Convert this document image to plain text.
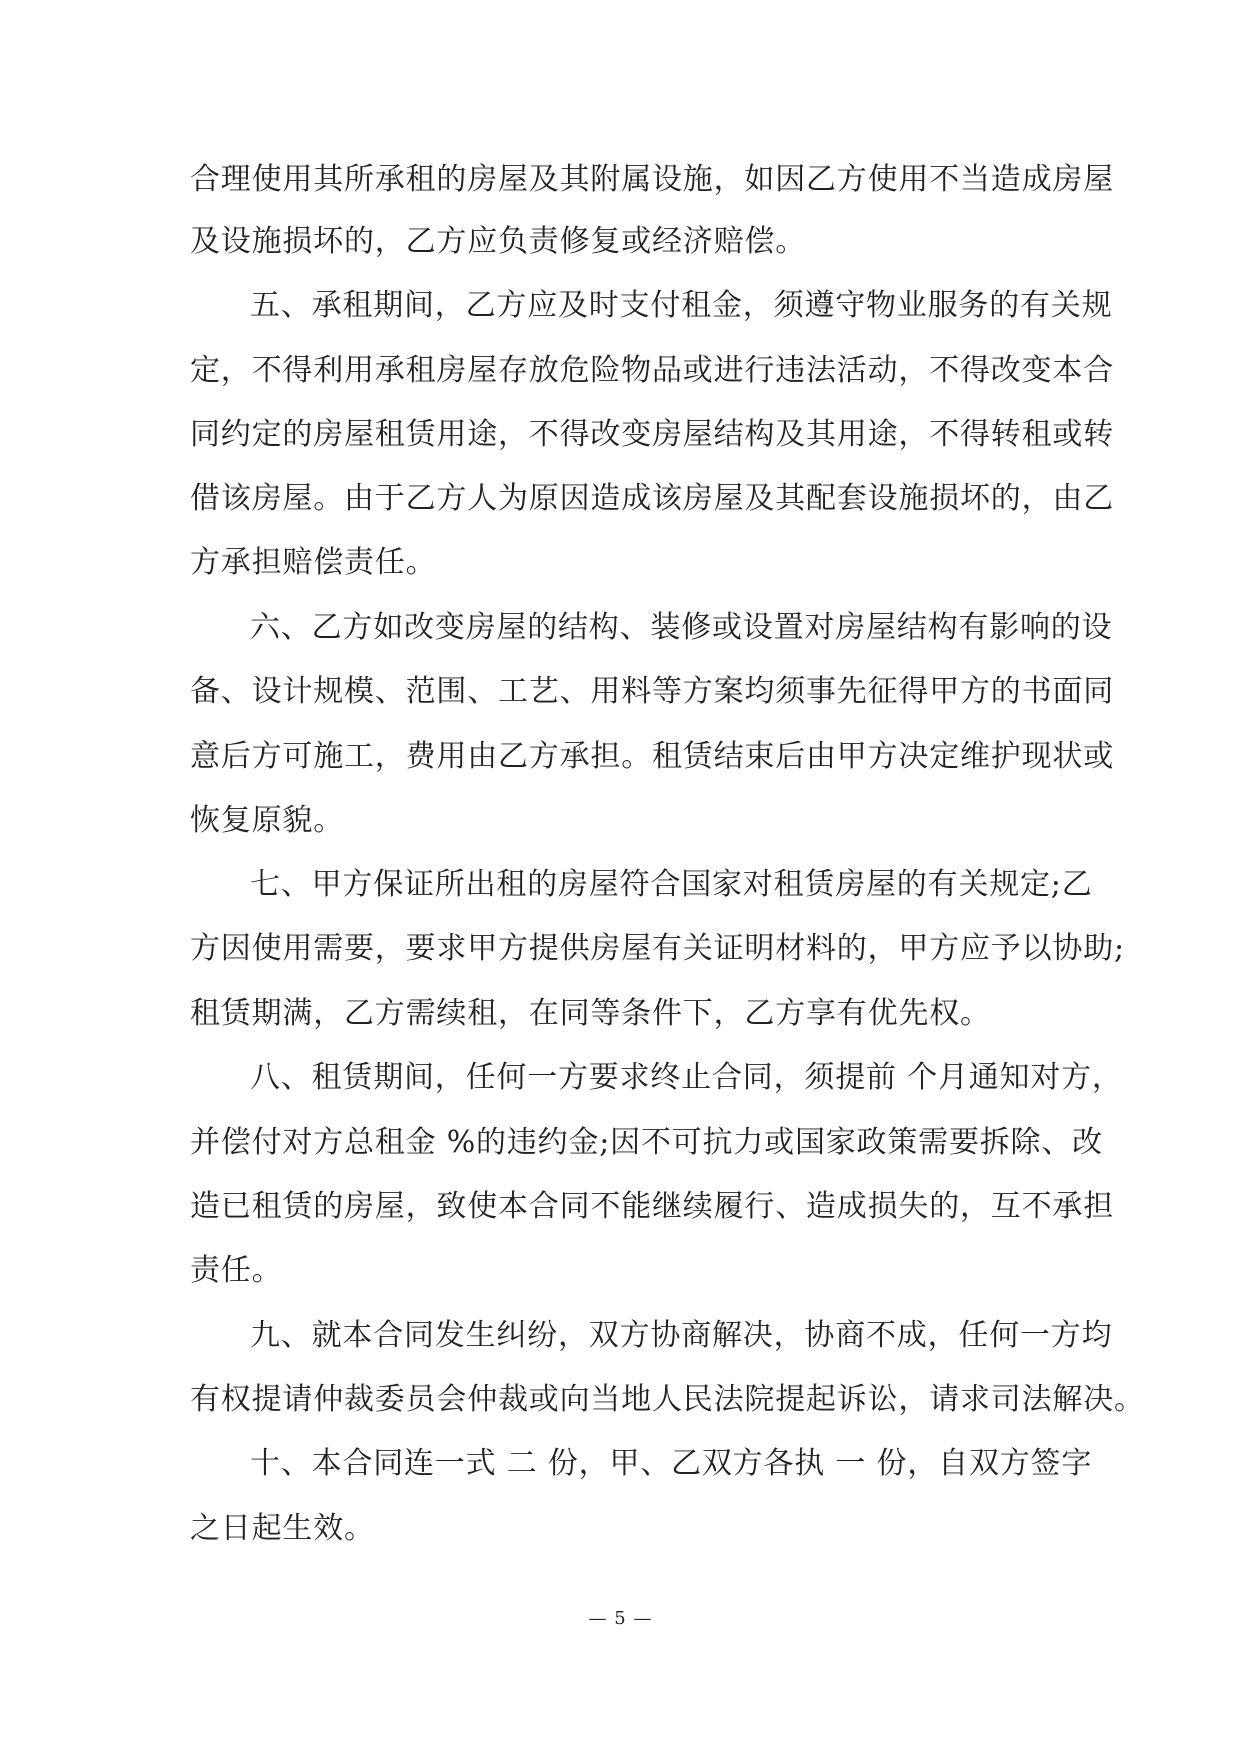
合理使用其所承租的房屋及其附属设施，如因乙方使用不当造成房屋
及设施损坏的，乙方应负责修复或经济赔偿。
五、承租期间，乙方应及时支付租金，须遵守物业服务的有关规
定，不得利用承租房屋存放危险物品或进行违法活动，不得改变本合
同约定的房屋租赁用途，不得改变房屋结构及其用途，不得转租或转
借该房屋。由于乙方人为原因造成该房屋及其配套设施损坏的，由乙
方承担赔偿责任。
六、乙方如改变房屋的结构、装修或设置对房屋结构有影响的设
备、设计规模、范围、工艺、用料等方案均须事先征得甲方的书面同
意后方可施工，费用由乙方承担。租赁结束后由甲方决定维护现状或
恢复原貌。
七、甲方保证所出租的房屋符合国家对租赁房屋的有关规定;乙
方因使用需要，要求甲方提供房屋有关证明材料的，甲方应予以协助;
租赁期满，乙方需续租，在同等条件下，乙方享有优先权。
八、租赁期间，任何一方要求终止合同，须提前 个月通知对方，
并偿付对方总租金 %的违约金;因不可抗力或国家政策需要拆除、改
造已租赁的房屋，致使本合同不能继续履行、造成损失的，互不承担
责任。
九、就本合同发生纠纷，双方协商解决，协商不成，任何一方均
有权提请仲裁委员会仲裁或向当地人民法院提起诉讼，请求司法解决。
十、本合同连一式 二 份，甲、乙双方各执 一 份，自双方签字
之日起生效。
— 5 —
